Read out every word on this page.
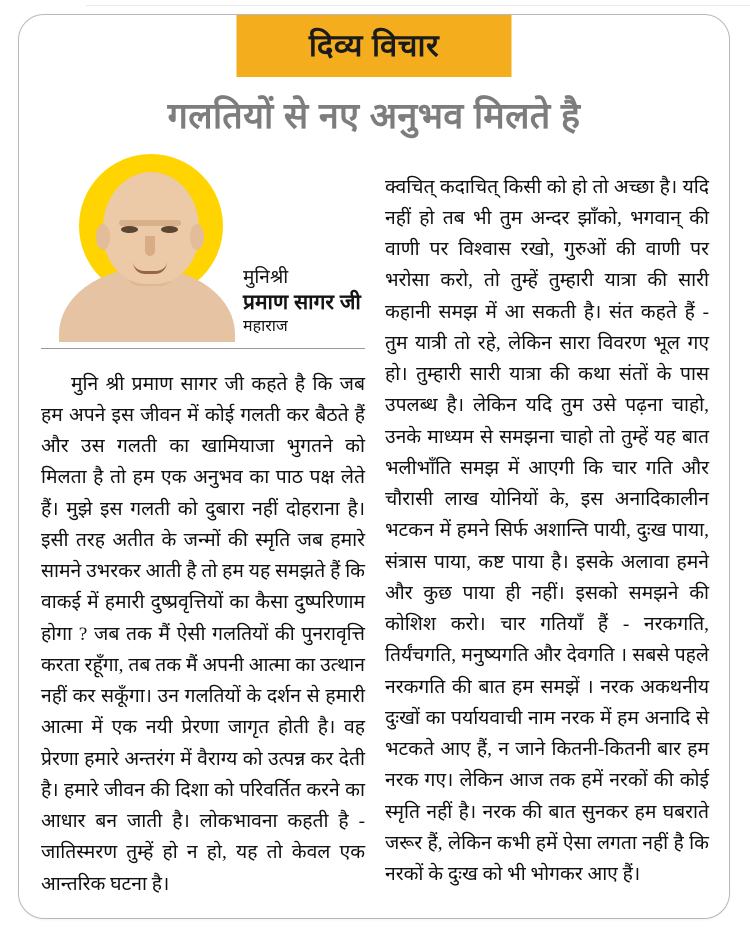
दिव्य विचार
गलतियों से नए अनुभव मिलते है
मुनिश्री
प्रमाण सागर जी
महाराज

मुनि श्री प्रमाण सागर जी कहते है कि जब हम अपने इस जीवन में कोई गलती कर बैठते हैं और उस गलती का खामियाजा भुगतने को मिलता है तो हम एक अनुभव का पाठ पक्ष लेते हैं। मुझे इस गलती को दुबारा नहीं दोहराना है। इसी तरह अतीत के जन्मों की स्मृति जब हमारे सामने उभरकर आती है तो हम यह समझते हैं कि वाकई में हमारी दुष्प्रवृत्तियों का कैसा दुष्परिणाम होगा ? जब तक मैं ऐसी गलतियों की पुनरावृत्ति करता रहूँगा, तब तक मैं अपनी आत्मा का उत्थान नहीं कर सकूँगा। उन गलतियों के दर्शन से हमारी आत्मा में एक नयी प्रेरणा जागृत होती है। वह प्रेरणा हमारे अन्तरंग में वैराग्य को उत्पन्न कर देती है। हमारे जीवन की दिशा को परिवर्तित करने का आधार बन जाती है। लोकभावना कहती है - जातिस्मरण तुम्हें हो न हो, यह तो केवल एक आन्तरिक घटना है।

क्वचित् कदाचित् किसी को हो तो अच्छा है। यदि नहीं हो तब भी तुम अन्दर झाँको, भगवान् की वाणी पर विश्वास रखो, गुरुओं की वाणी पर भरोसा करो, तो तुम्हें तुम्हारी यात्रा की सारी कहानी समझ में आ सकती है। संत कहते हैं - तुम यात्री तो रहे, लेकिन सारा विवरण भूल गए हो। तुम्हारी सारी यात्रा की कथा संतों के पास उपलब्ध है। लेकिन यदि तुम उसे पढ़ना चाहो, उनके माध्यम से समझना चाहो तो तुम्हें यह बात भलीभाँति समझ में आएगी कि चार गति और चौरासी लाख योनियों के, इस अनादिकालीन भटकन में हमने सिर्फ अशान्ति पायी, दुःख पाया, संत्रास पाया, कष्ट पाया है। इसके अलावा हमने और कुछ पाया ही नहीं। इसको समझने की कोशिश करो। चार गतियाँ हैं - नरकगति, तिर्यंचगति, मनुष्यगति और देवगति । सबसे पहले नरकगति की बात हम समझें । नरक अकथनीय दुःखों का पर्यायवाची नाम नरक में हम अनादि से भटकते आए हैं, न जाने कितनी-कितनी बार हम नरक गए। लेकिन आज तक हमें नरकों की कोई स्मृति नहीं है। नरक की बात सुनकर हम घबराते जरूर हैं, लेकिन कभी हमें ऐसा लगता नहीं है कि नरकों के दुःख को भी भोगकर आए हैं।
